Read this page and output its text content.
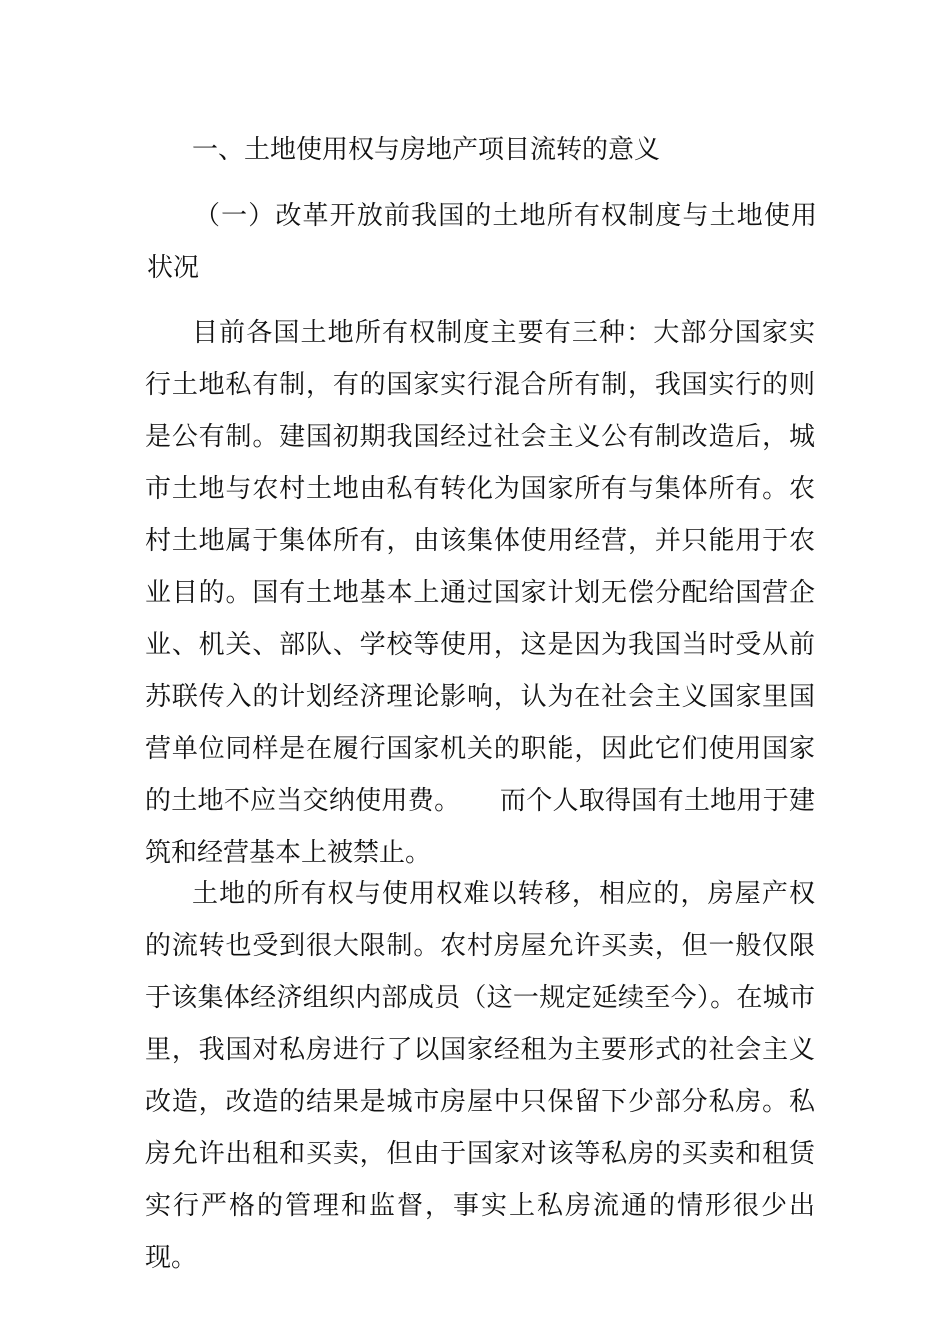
一、土地使用权与房地产项目流转的意义

（一）改革开放前我国的土地所有权制度与土地使用状况

目前各国土地所有权制度主要有三种：大部分国家实行土地私有制，有的国家实行混合所有制，我国实行的则是公有制。建国初期我国经过社会主义公有制改造后，城市土地与农村土地由私有转化为国家所有与集体所有。农村土地属于集体所有，由该集体使用经营，并只能用于农业目的。国有土地基本上通过国家计划无偿分配给国营企业、机关、部队、学校等使用，这是因为我国当时受从前苏联传入的计划经济理论影响，认为在社会主义国家里国营单位同样是在履行国家机关的职能，因此它们使用国家的土地不应当交纳使用费。　　而个人取得国有土地用于建筑和经营基本上被禁止。

土地的所有权与使用权难以转移，相应的，房屋产权的流转也受到很大限制。农村房屋允许买卖，但一般仅限于该集体经济组织内部成员（这一规定延续至今）。在城市里，我国对私房进行了以国家经租为主要形式的社会主义改造，改造的结果是城市房屋中只保留下少部分私房。私房允许出租和买卖，但由于国家对该等私房的买卖和租赁实行严格的管理和监督，事实上私房流通的情形很少出现。
